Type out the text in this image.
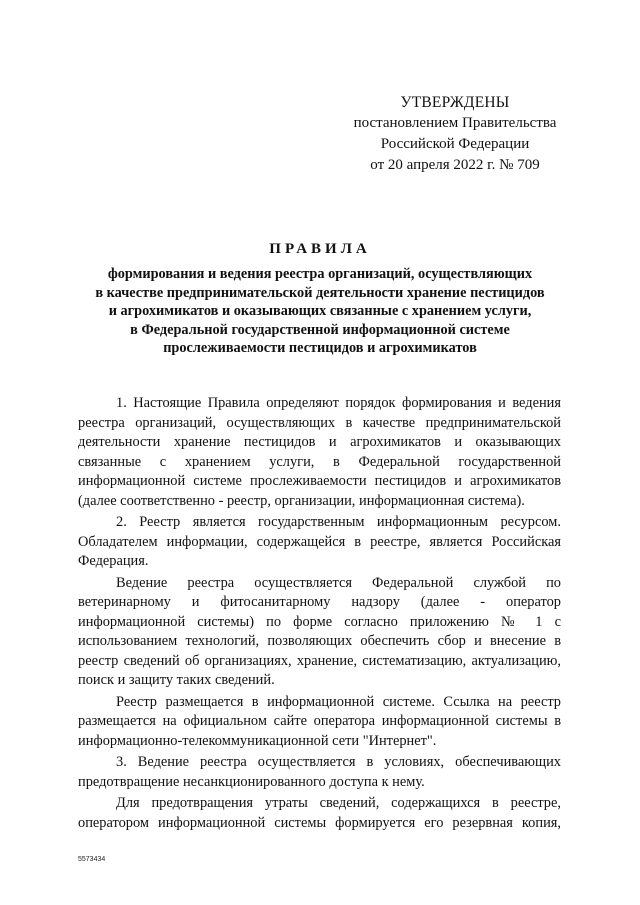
УТВЕРЖДЕНЫ
постановлением Правительства
Российской Федерации
от 20 апреля 2022 г. № 709
ПРАВИЛА
формирования и ведения реестра организаций, осуществляющих
в качестве предпринимательской деятельности хранение пестицидов
и агрохимикатов и оказывающих связанные с хранением услуги,
в Федеральной государственной информационной системе
прослеживаемости пестицидов и агрохимикатов

1. Настоящие Правила определяют порядок формирования и ведения реестра организаций, осуществляющих в качестве предпринимательской деятельности хранение пестицидов и агрохимикатов и оказывающих связанные с хранением услуги, в Федеральной государственной информационной системе прослеживаемости пестицидов и агрохимикатов (далее соответственно - реестр, организации, информационная система).

2. Реестр является государственным информационным ресурсом. Обладателем информации, содержащейся в реестре, является Российская Федерация.

Ведение реестра осуществляется Федеральной службой по ветеринарному и фитосанитарному надзору (далее - оператор информационной системы) по форме согласно приложению № 1 с использованием технологий, позволяющих обеспечить сбор и внесение в реестр сведений об организациях, хранение, систематизацию, актуализацию, поиск и защиту таких сведений.

Реестр размещается в информационной системе. Ссылка на реестр размещается на официальном сайте оператора информационной системы в информационно-телекоммуникационной сети "Интернет".

3. Ведение реестра осуществляется в условиях, обеспечивающих предотвращение несанкционированного доступа к нему.

Для предотвращения утраты сведений, содержащихся в реестре, оператором информационной системы формируется его резервная копия,

5573434
